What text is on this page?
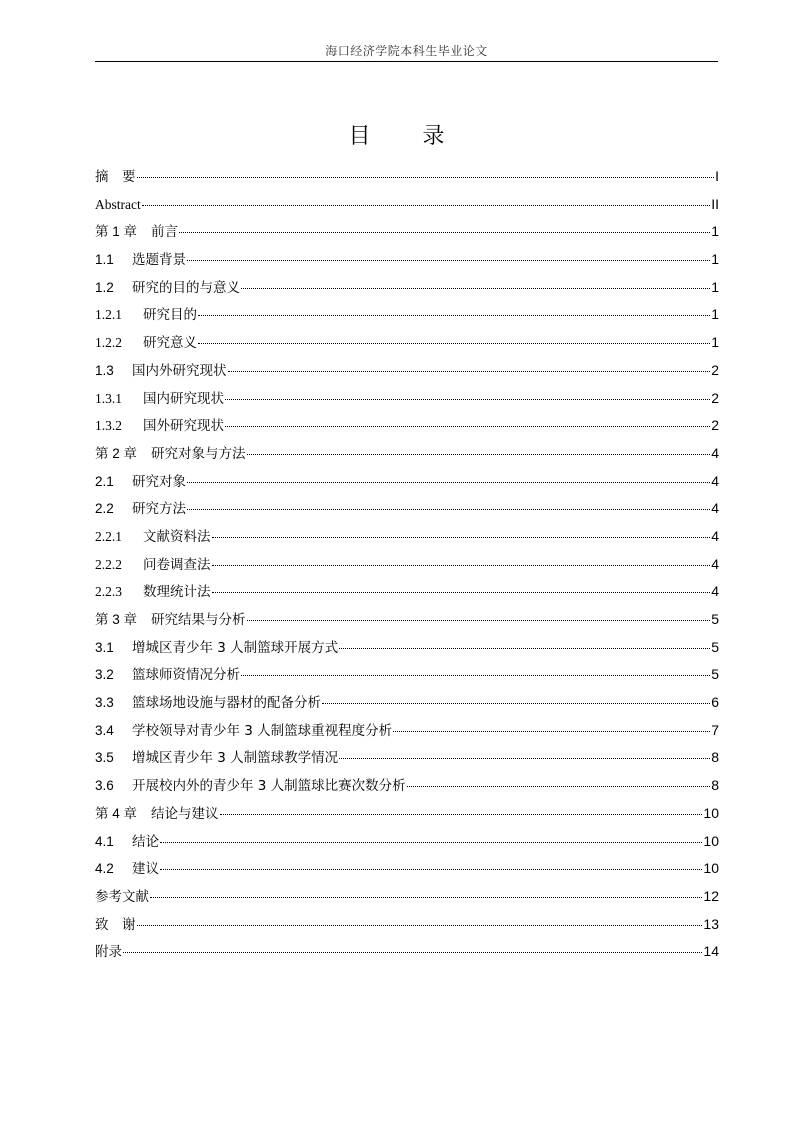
海口经济学院本科生毕业论文
目 录
摘　要	I
Abstract	II
第 1 章 前言	1
1.1 选题背景	1
1.2 研究的目的与意义	1
1.2.1 研究目的	1
1.2.2 研究意义	1
1.3 国内外研究现状	2
1.3.1 国内研究现状	2
1.3.2 国外研究现状	2
第 2 章 研究对象与方法	4
2.1 研究对象	4
2.2 研究方法	4
2.2.1 文献资料法	4
2.2.2 问卷调查法	4
2.2.3 数理统计法	4
第 3 章 研究结果与分析	5
3.1 增城区青少年 3 人制篮球开展方式	5
3.2 篮球师资情况分析	5
3.3 篮球场地设施与器材的配备分析	6
3.4 学校领导对青少年 3 人制篮球重视程度分析	7
3.5 增城区青少年 3 人制篮球教学情况	8
3.6 开展校内外的青少年 3 人制篮球比赛次数分析	8
第 4 章 结论与建议	10
4.1 结论	10
4.2 建议	10
参考文献	12
致　谢	13
附录	14
